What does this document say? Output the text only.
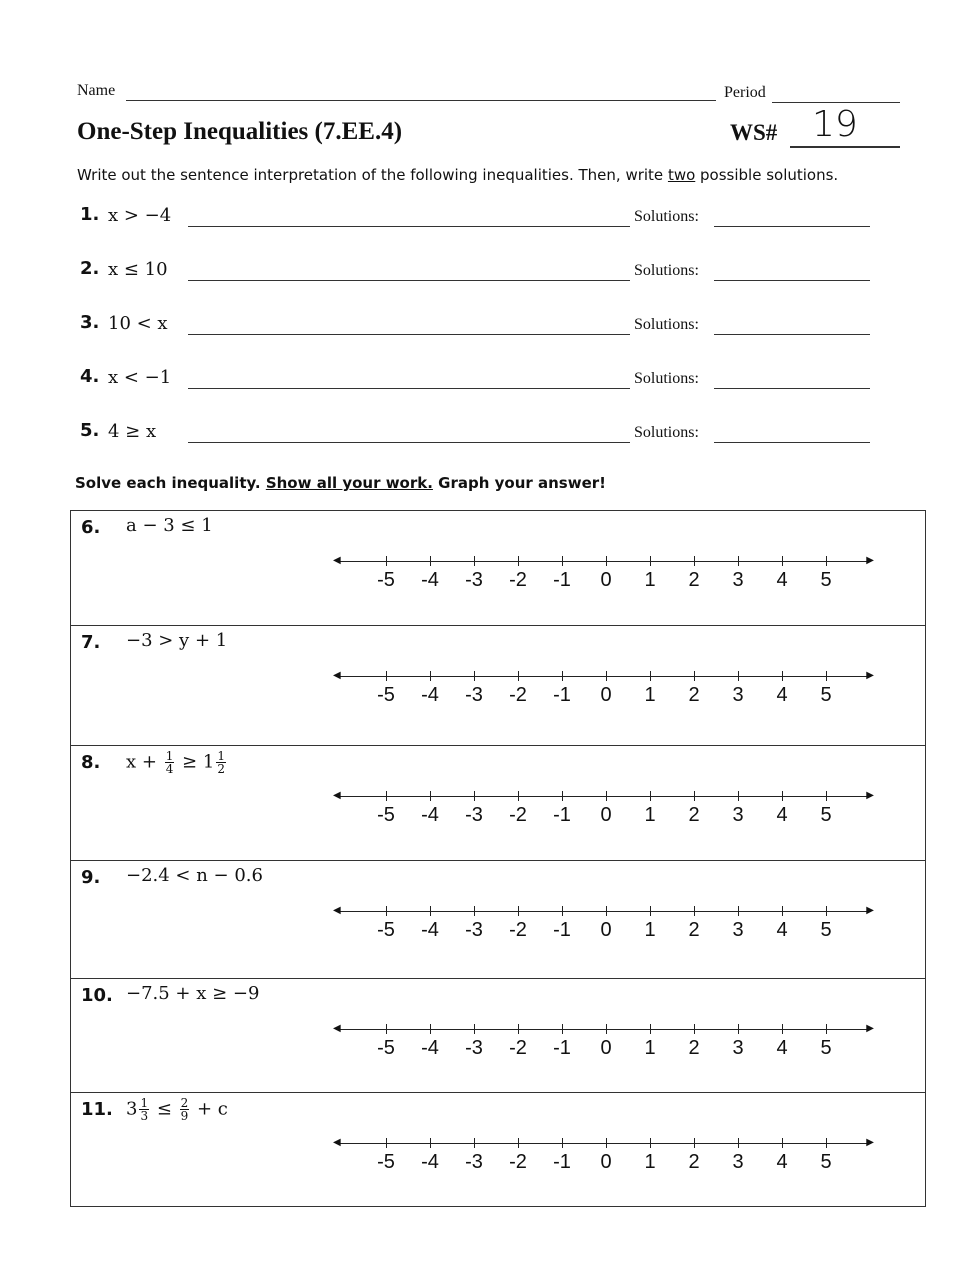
Name	Period
One-Step Inequalities (7.EE.4)	WS# 19
Write out the sentence interpretation of the following inequalities. Then, write two possible solutions.
1. x > −4	Solutions:
2. x ≤ 10	Solutions:
3. 10 < x	Solutions:
4. x < −1	Solutions:
5. 4 ≥ x	Solutions:
Solve each inequality. Show all your work. Graph your answer!
6. a − 3 ≤ 1
◀	▶
-5	-4	-3	-2	-1	0	1	2	3	4	5
7. −3 > y + 1
◀	▶
-5	-4	-3	-2	-1	0	1	2	3	4	5
8. $x + \frac{1}{4} \ge 1 \frac{1}{2}$
◀	▶
-5	-4	-3	-2	-1	0	1	2	3	4	5
9. −2.4 < n − 0.6
◀	▶
-5	-4	-3	-2	-1	0	1	2	3	4	5
10. −7.5 + x ≥ −9
◀	▶
-5	-4	-3	-2	-1	0	1	2	3	4	5
11. $3 \frac{1}{3} \le \frac{2}{9} + c$
◀	▶
-5	-4	-3	-2	-1	0	1	2	3	4	5
